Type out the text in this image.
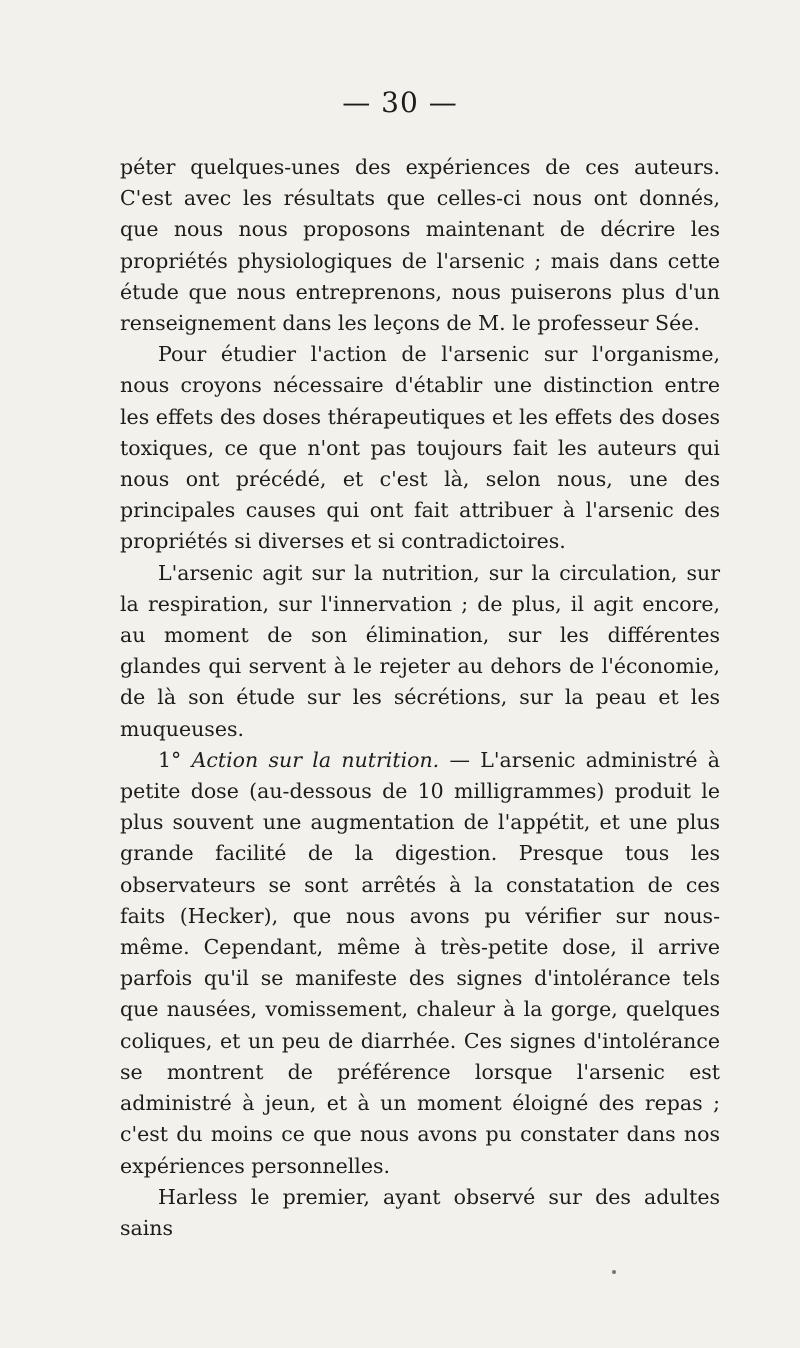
— 30 —

péter quelques-unes des expériences de ces auteurs. C'est avec les résultats que celles-ci nous ont donnés, que nous nous proposons maintenant de décrire les propriétés physiologiques de l'arsenic ; mais dans cette étude que nous entreprenons, nous puiserons plus d'un renseignement dans les leçons de M. le professeur Sée.

Pour étudier l'action de l'arsenic sur l'organisme, nous croyons nécessaire d'établir une distinction entre les effets des doses thérapeutiques et les effets des doses toxiques, ce que n'ont pas toujours fait les auteurs qui nous ont précédé, et c'est là, selon nous, une des principales causes qui ont fait attribuer à l'arsenic des propriétés si diverses et si contradictoires.

L'arsenic agit sur la nutrition, sur la circulation, sur la respiration, sur l'innervation ; de plus, il agit encore, au moment de son élimination, sur les différentes glandes qui servent à le rejeter au dehors de l'économie, de là son étude sur les sécrétions, sur la peau et les muqueuses.

1° Action sur la nutrition. — L'arsenic administré à petite dose (au-dessous de 10 milligrammes) produit le plus souvent une augmentation de l'appétit, et une plus grande facilité de la digestion. Presque tous les observateurs se sont arrêtés à la constatation de ces faits (Hecker), que nous avons pu vérifier sur nous-même. Cependant, même à très-petite dose, il arrive parfois qu'il se manifeste des signes d'intolérance tels que nausées, vomissement, chaleur à la gorge, quelques coliques, et un peu de diarrhée. Ces signes d'intolérance se montrent de préférence lorsque l'arsenic est administré à jeun, et à un moment éloigné des repas ; c'est du moins ce que nous avons pu constater dans nos expériences personnelles.

Harless le premier, ayant observé sur des adultes sains
